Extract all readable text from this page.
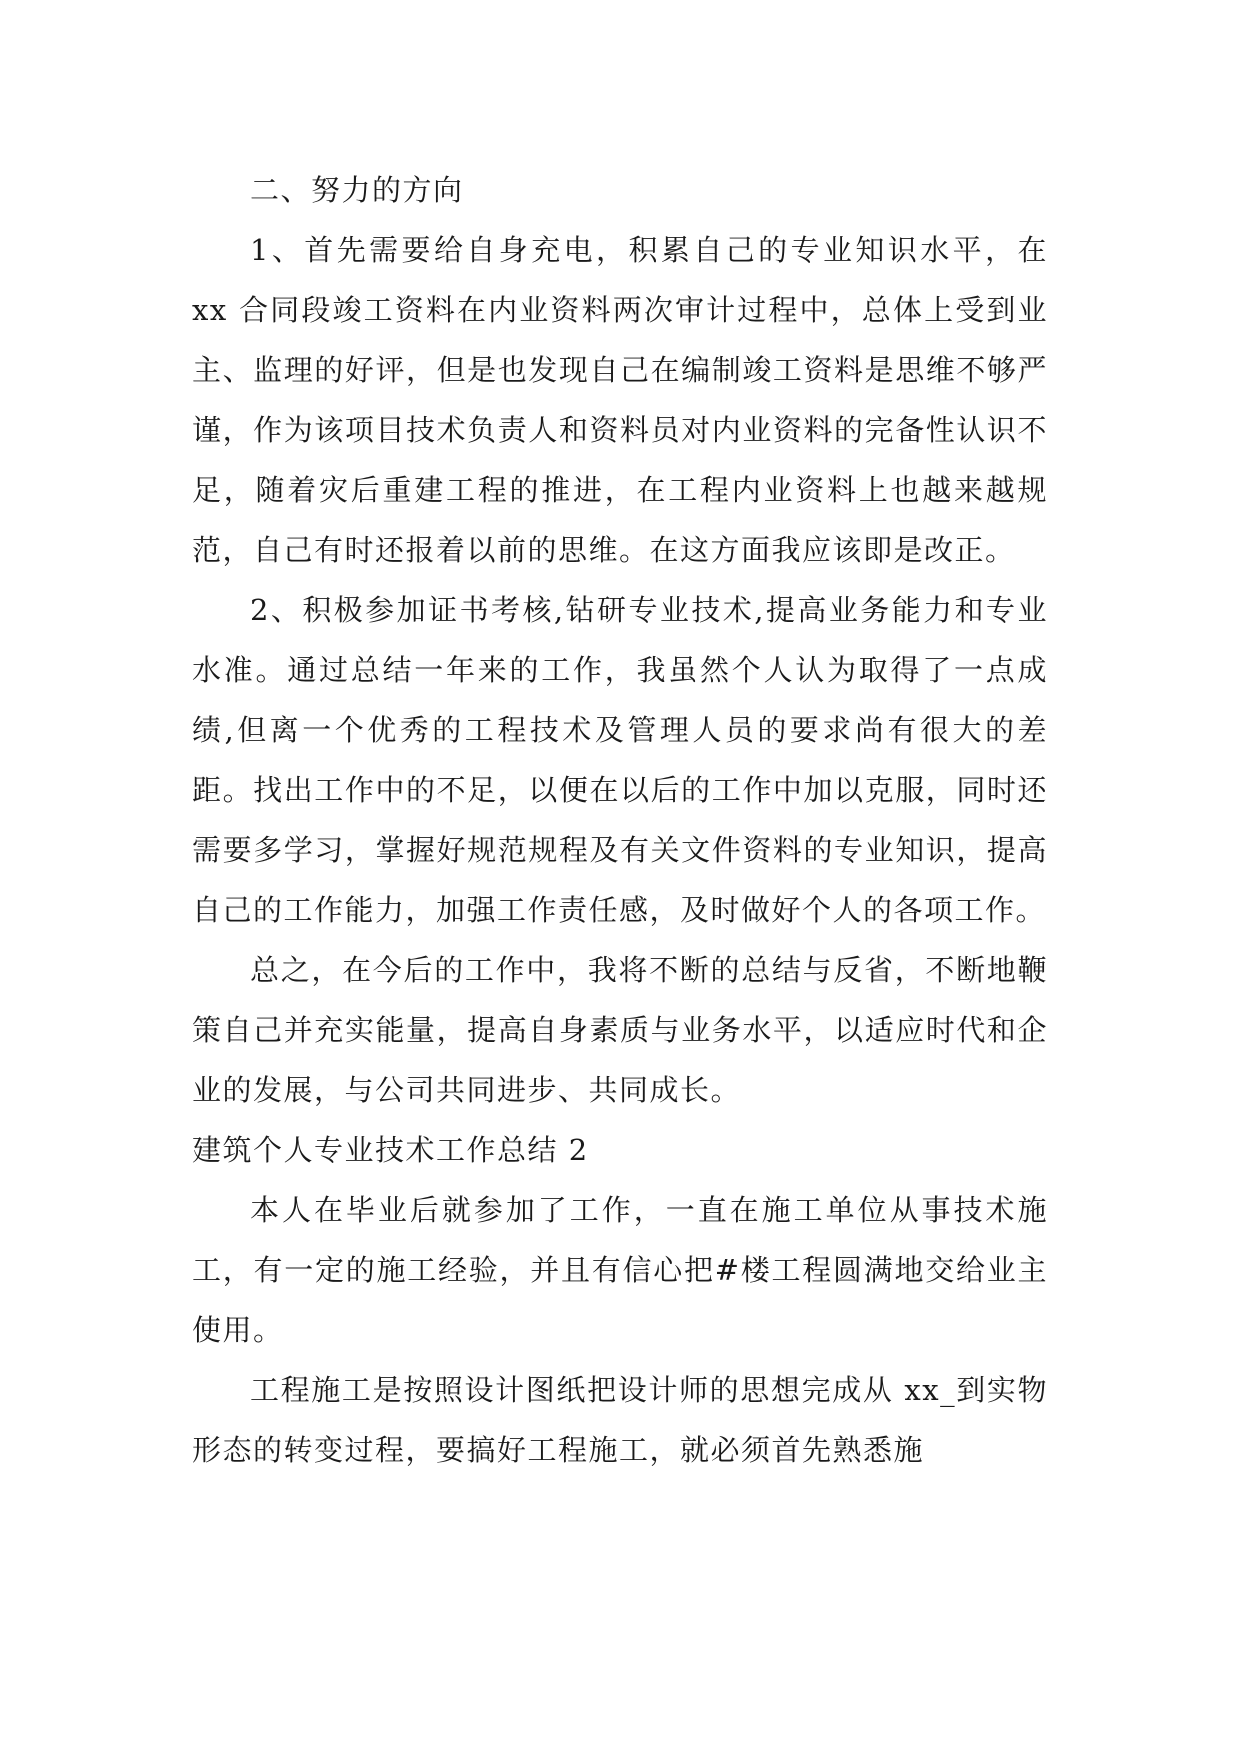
二、努力的方向

1、首先需要给自身充电，积累自己的专业知识水平，在 xx 合同段竣工资料在内业资料两次审计过程中，总体上受到业主、监理的好评，但是也发现自己在编制竣工资料是思维不够严谨，作为该项目技术负责人和资料员对内业资料的完备性认识不足，随着灾后重建工程的推进，在工程内业资料上也越来越规范，自己有时还报着以前的思维。在这方面我应该即是改正。

2、积极参加证书考核,钻研专业技术,提高业务能力和专业水准。通过总结一年来的工作，我虽然个人认为取得了一点成绩,但离一个优秀的工程技术及管理人员的要求尚有很大的差距。找出工作中的不足，以便在以后的工作中加以克服，同时还需要多学习，掌握好规范规程及有关文件资料的专业知识，提高自己的工作能力，加强工作责任感，及时做好个人的各项工作。

总之，在今后的工作中，我将不断的总结与反省，不断地鞭策自己并充实能量，提高自身素质与业务水平，以适应时代和企业的发展，与公司共同进步、共同成长。

建筑个人专业技术工作总结 2

本人在毕业后就参加了工作，一直在施工单位从事技术施工，有一定的施工经验，并且有信心把#楼工程圆满地交给业主使用。

工程施工是按照设计图纸把设计师的思想完成从 xx_到实物形态的转变过程，要搞好工程施工，就必须首先熟悉施
